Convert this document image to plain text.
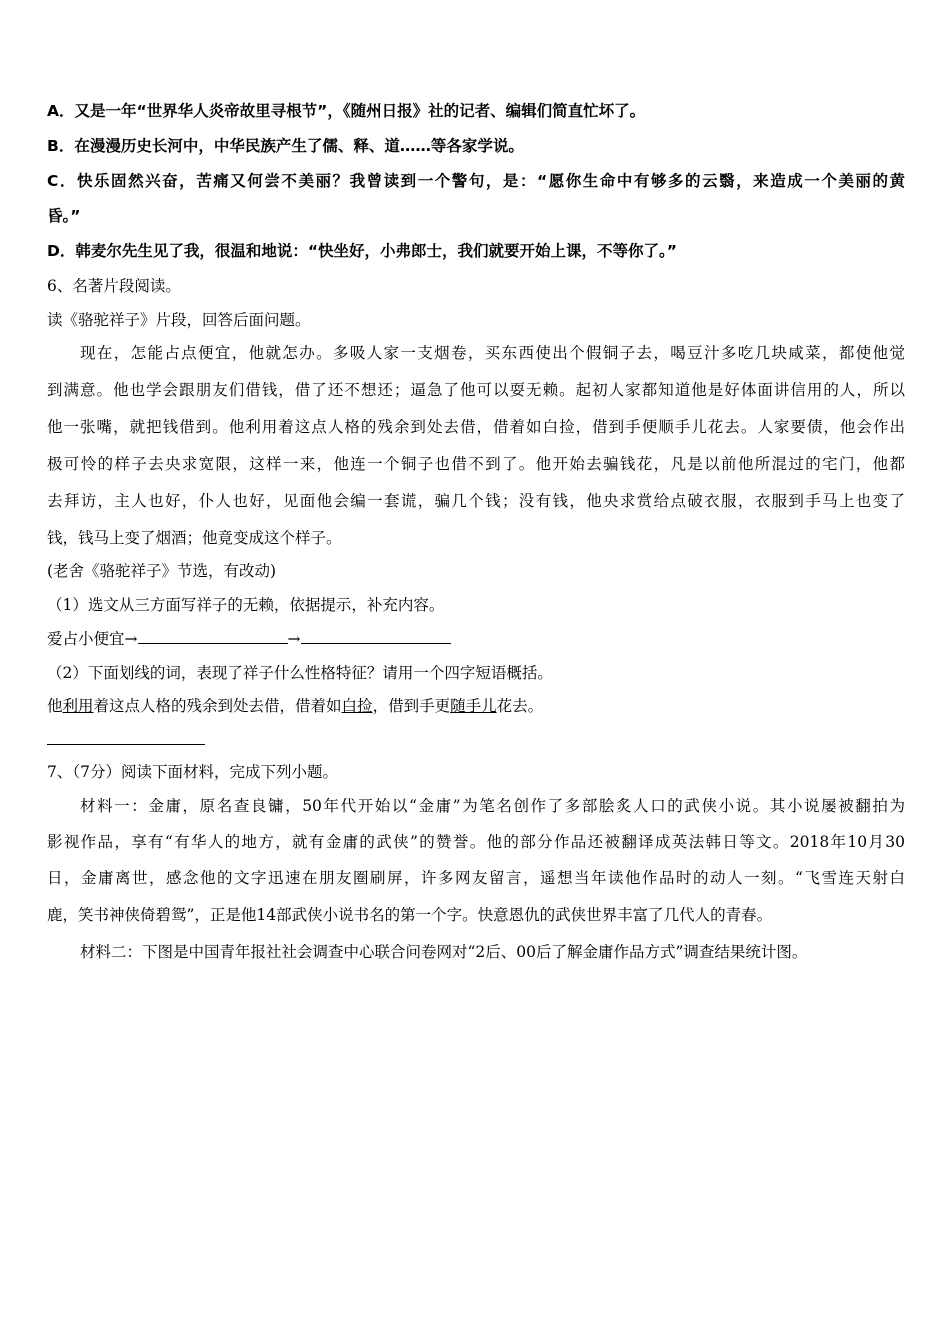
A．又是一年“世界华人炎帝故里寻根节”，《随州日报》社的记者、编辑们简直忙坏了。
B．在漫漫历史长河中，中华民族产生了儒、释、道……等各家学说。
C．快乐固然兴奋，苦痛又何尝不美丽？我曾读到一个警句，是：“愿你生命中有够多的云翳，来造成一个美丽的黄
昏。”
D．韩麦尔先生见了我，很温和地说：“快坐好，小弗郎士，我们就要开始上课，不等你了。”
6、名著片段阅读。
读《骆驼祥子》片段，回答后面问题。
现在，怎能占点便宜，他就怎办。多吸人家一支烟卷，买东西使出个假铜子去，喝豆汁多吃几块咸菜，都使他觉
到满意。他也学会跟朋友们借钱，借了还不想还；逼急了他可以耍无赖。起初人家都知道他是好体面讲信用的人，所以
他一张嘴，就把钱借到。他利用着这点人格的残余到处去借，借着如白捡，借到手便顺手儿花去。人家要债，他会作出
极可怜的样子去央求宽限，这样一来，他连一个铜子也借不到了。他开始去骗钱花，凡是以前他所混过的宅门，他都
去拜访，主人也好，仆人也好，见面他会编一套谎，骗几个钱；没有钱，他央求赏给点破衣服，衣服到手马上也变了
钱，钱马上变了烟酒；他竟变成这个样子。
(老舍《骆驼祥子》节选，有改动)
（1）选文从三方面写祥子的无赖，依据提示，补充内容。
爱占小便宜→	→
（2）下面划线的词，表现了祥子什么性格特征？请用一个四字短语概括。
他利用着这点人格的残余到处去借，借着如白捡，借到手更随手儿花去。
7、（7分）阅读下面材料，完成下列小题。
材料一：金庸，原名查良镛，50年代开始以“金庸”为笔名创作了多部脍炙人口的武侠小说。其小说屡被翻拍为
影视作品，享有“有华人的地方，就有金庸的武侠”的赞誉。他的部分作品还被翻译成英法韩日等文。2018年10月30
日，金庸离世，感念他的文字迅速在朋友圈刷屏，许多网友留言，遥想当年读他作品时的动人一刻。“飞雪连天射白
鹿，笑书神侠倚碧鸳”，正是他14部武侠小说书名的第一个字。快意恩仇的武侠世界丰富了几代人的青春。
材料二：下图是中国青年报社社会调查中心联合问卷网对“2后、00后了解金庸作品方式”调查结果统计图。
